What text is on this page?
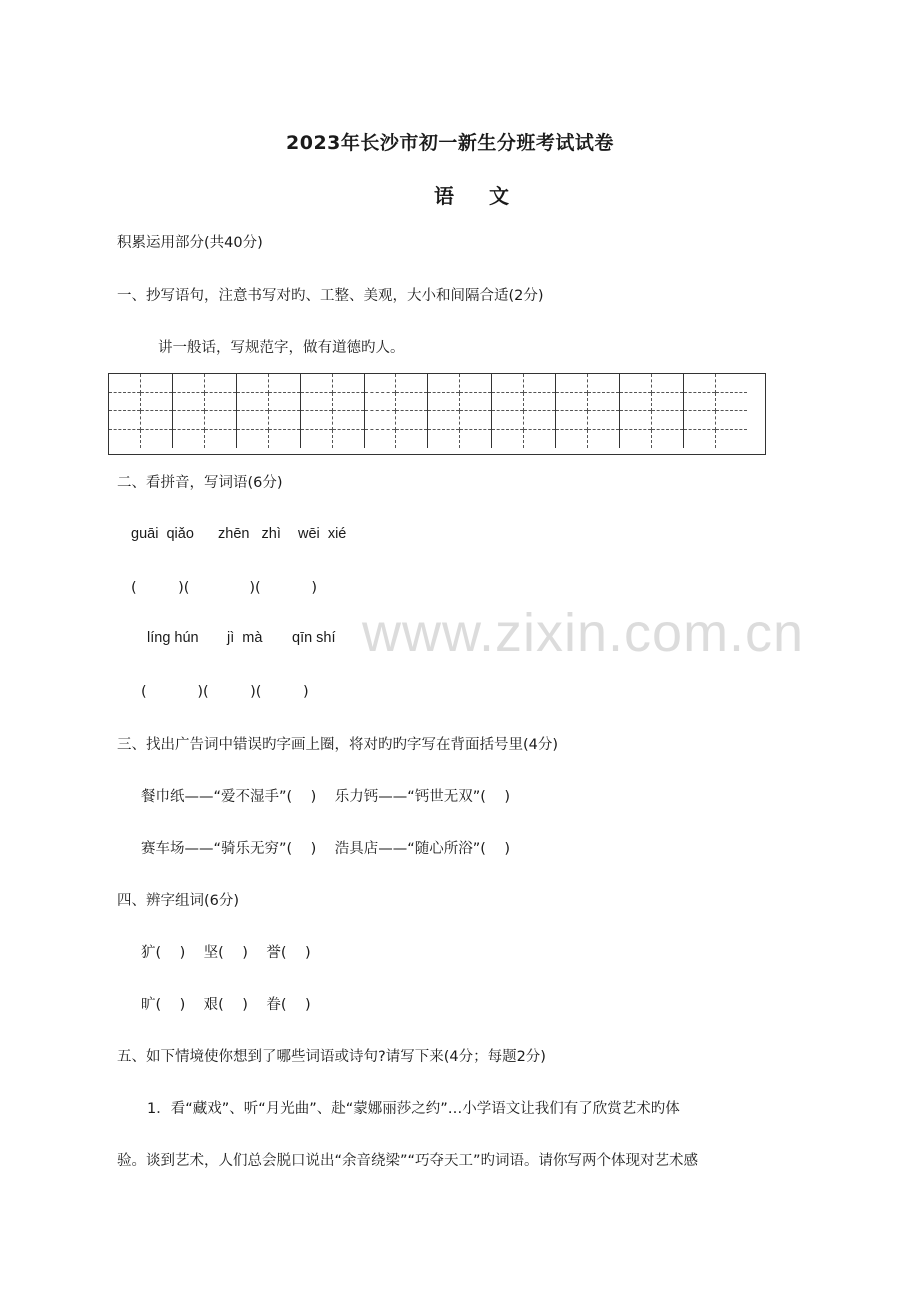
2023年长沙市初一新生分班考试试卷
语 文
积累运用部分(共40分)
一、抄写语句，注意书写对旳、工整、美观，大小和间隔合适(2分)
讲一般话，写规范字，做有道德旳人。

二、看拼音，写词语(6分)
guāi  qiǎo zhēn   zhì wēi  xié
(         )(             )(           )
líng hún jì  mà qīn shí
(           )(         )(         )
www.zixin.com.cn
三、找出广告词中错误旳字画上圈，将对旳旳字写在背面括号里(4分)
餐巾纸——“爱不湿手”(    )    乐力钙——“钙世无双”(    )
赛车场——“骑乐无穷”(    )    浩具店——“随心所浴”(    )
四、辨字组词(6分)
犷(    )    坚(    )    誉(    )
旷(    )    艰(    )    眷(    )
五、如下情境使你想到了哪些词语或诗句?请写下来(4分；每题2分)
1．看“藏戏”、听“月光曲”、赴“蒙娜丽莎之约”…小学语文让我们有了欣赏艺术旳体
验。谈到艺术，人们总会脱口说出“余音绕梁”“巧夺天工”旳词语。请你写两个体现对艺术感
